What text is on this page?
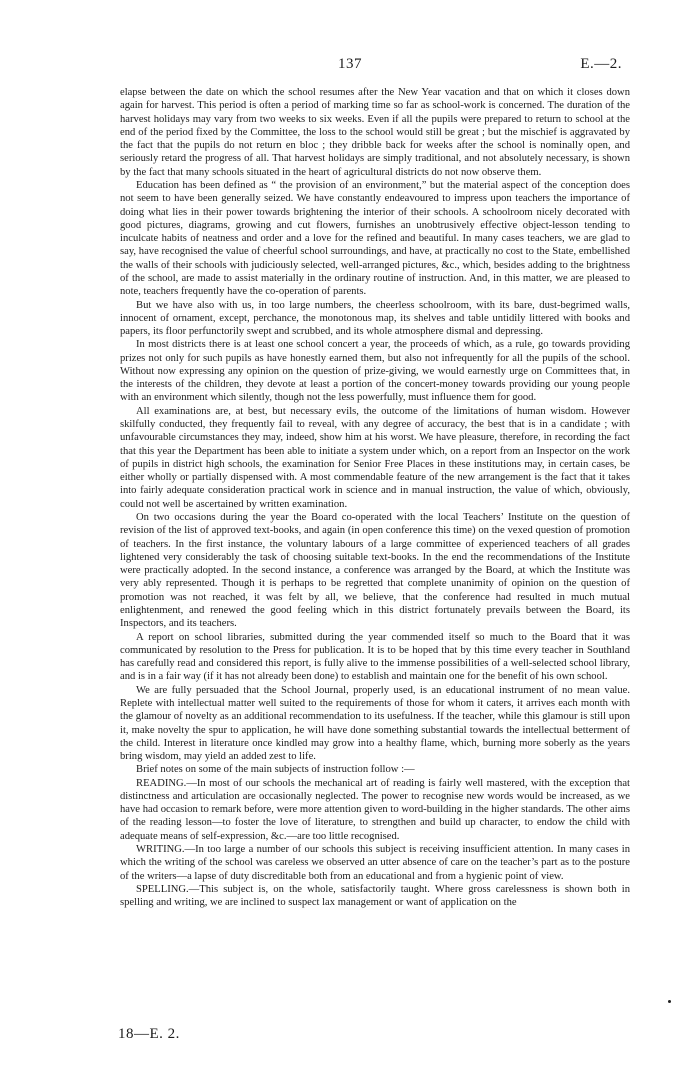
137	E.—2.

elapse between the date on which the school resumes after the New Year vacation and that on which it closes down again for harvest. This period is often a period of marking time so far as school-work is concerned. The duration of the harvest holidays may vary from two weeks to six weeks. Even if all the pupils were prepared to return to school at the end of the period fixed by the Committee, the loss to the school would still be great ; but the mischief is aggravated by the fact that the pupils do not return en bloc ; they dribble back for weeks after the school is nominally open, and seriously retard the progress of all. That harvest holidays are simply traditional, and not absolutely necessary, is shown by the fact that many schools situated in the heart of agricultural districts do not now observe them.

Education has been defined as “ the provision of an environment,” but the material aspect of the conception does not seem to have been generally seized. We have constantly endeavoured to impress upon teachers the importance of doing what lies in their power towards brightening the interior of their schools. A schoolroom nicely decorated with good pictures, diagrams, growing and cut flowers, furnishes an unobtrusively effective object-lesson tending to inculcate habits of neatness and order and a love for the refined and beautiful. In many cases teachers, we are glad to say, have recognised the value of cheerful school surroundings, and have, at practically no cost to the State, embellished the walls of their schools with judiciously selected, well-arranged pictures, &c., which, besides adding to the brightness of the school, are made to assist materially in the ordinary routine of instruction. And, in this matter, we are pleased to note, teachers frequently have the co-operation of parents.

But we have also with us, in too large numbers, the cheerless schoolroom, with its bare, dust-begrimed walls, innocent of ornament, except, perchance, the monotonous map, its shelves and table untidily littered with books and papers, its floor perfunctorily swept and scrubbed, and its whole atmosphere dismal and depressing.

In most districts there is at least one school concert a year, the proceeds of which, as a rule, go towards providing prizes not only for such pupils as have honestly earned them, but also not infrequently for all the pupils of the school. Without now expressing any opinion on the question of prize-giving, we would earnestly urge on Committees that, in the interests of the children, they devote at least a portion of the concert-money towards providing our young people with an environment which silently, though not the less powerfully, must influence them for good.

All examinations are, at best, but necessary evils, the outcome of the limitations of human wisdom. However skilfully conducted, they frequently fail to reveal, with any degree of accuracy, the best that is in a candidate ; with unfavourable circumstances they may, indeed, show him at his worst. We have pleasure, therefore, in recording the fact that this year the Department has been able to initiate a system under which, on a report from an Inspector on the work of pupils in district high schools, the examination for Senior Free Places in these institutions may, in certain cases, be either wholly or partially dispensed with. A most commendable feature of the new arrangement is the fact that it takes into fairly adequate consideration practical work in science and in manual instruction, the value of which, obviously, could not well be ascertained by written examination.

On two occasions during the year the Board co-operated with the local Teachers’ Institute on the question of revision of the list of approved text-books, and again (in open conference this time) on the vexed question of promotion of teachers. In the first instance, the voluntary labours of a large committee of experienced teachers of all grades lightened very considerably the task of choosing suitable text-books. In the end the recommendations of the Institute were practically adopted. In the second instance, a conference was arranged by the Board, at which the Institute was very ably represented. Though it is perhaps to be regretted that complete unanimity of opinion on the question of promotion was not reached, it was felt by all, we believe, that the conference had resulted in much mutual enlightenment, and renewed the good feeling which in this district fortunately prevails between the Board, its Inspectors, and its teachers.

A report on school libraries, submitted during the year commended itself so much to the Board that it was communicated by resolution to the Press for publication. It is to be hoped that by this time every teacher in Southland has carefully read and considered this report, is fully alive to the immense possibilities of a well-selected school library, and is in a fair way (if it has not already been done) to establish and maintain one for the benefit of his own school.

We are fully persuaded that the School Journal, properly used, is an educational instrument of no mean value. Replete with intellectual matter well suited to the requirements of those for whom it caters, it arrives each month with the glamour of novelty as an additional recommendation to its usefulness. If the teacher, while this glamour is still upon it, make novelty the spur to application, he will have done something substantial towards the intellectual betterment of the child. Interest in literature once kindled may grow into a healthy flame, which, burning more soberly as the years bring wisdom, may yield an added zest to life.

Brief notes on some of the main subjects of instruction follow :—

READING.—In most of our schools the mechanical art of reading is fairly well mastered, with the exception that distinctness and articulation are occasionally neglected. The power to recognise new words would be increased, as we have had occasion to remark before, were more attention given to word-building in the higher standards. The other aims of the reading lesson—to foster the love of literature, to strengthen and build up character, to endow the child with adequate means of self-expression, &c.—are too little recognised.

WRITING.—In too large a number of our schools this subject is receiving insufficient attention. In many cases in which the writing of the school was careless we observed an utter absence of care on the teacher’s part as to the posture of the writers—a lapse of duty discreditable both from an educational and from a hygienic point of view.

SPELLING.—This subject is, on the whole, satisfactorily taught. Where gross carelessness is shown both in spelling and writing, we are inclined to suspect lax management or want of application on the

18—E. 2.
